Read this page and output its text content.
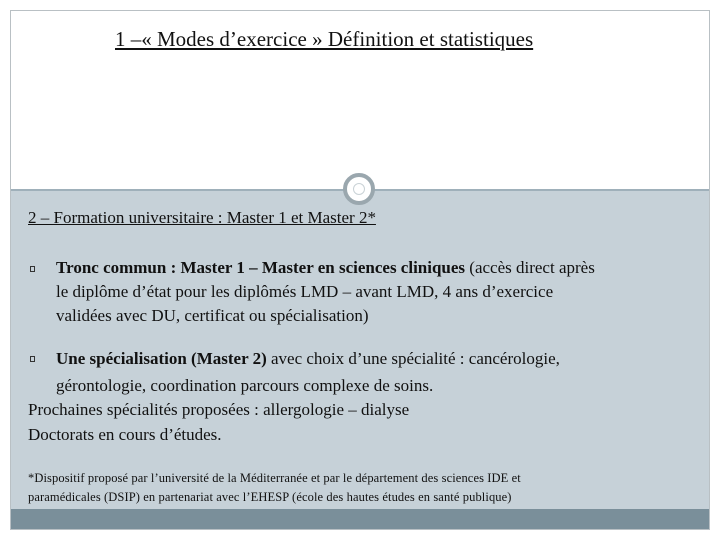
1 –« Modes d’exercice » Définition et statistiques
2 – Formation universitaire : Master 1 et Master 2*
Tronc commun : Master 1 – Master en sciences cliniques (accès direct après
le diplôme d’état pour les diplômés LMD – avant LMD, 4 ans d’exercice
validées avec DU, certificat ou spécialisation)
Une spécialisation (Master 2) avec choix d’une spécialité : cancérologie,
gérontologie, coordination parcours complexe de soins.
Prochaines spécialités proposées : allergologie – dialyse
Doctorats en cours d’études.
*Dispositif proposé par l’université de la Méditerranée et par le département des sciences IDE et
paramédicales (DSIP) en partenariat avec l’EHESP (école des hautes études en santé publique)
